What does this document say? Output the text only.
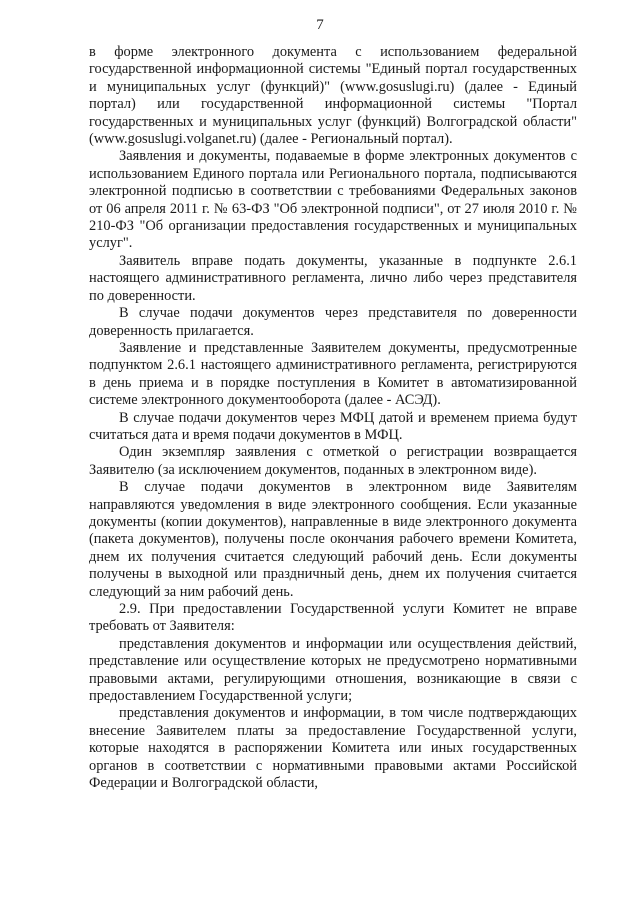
7

в форме электронного документа с использованием федеральной государственной информационной системы "Единый портал государственных и муниципальных услуг (функций)" (www.gosuslugi.ru) (далее - Единый портал) или государственной информационной системы "Портал государственных и муниципальных услуг (функций) Волгоградской области" (www.gosuslugi.volganet.ru) (далее - Региональный портал).

Заявления и документы, подаваемые в форме электронных документов с использованием Единого портала или Регионального портала, подписываются электронной подписью в соответствии с требованиями Федеральных законов от 06 апреля 2011 г. № 63-ФЗ "Об электронной подписи", от 27 июля 2010 г. № 210-ФЗ "Об организации предоставления государственных и муниципальных услуг".

Заявитель вправе подать документы, указанные в подпункте 2.6.1 настоящего административного регламента, лично либо через представителя по доверенности.

В случае подачи документов через представителя по доверенности доверенность прилагается.

Заявление и представленные Заявителем документы, предусмотренные подпунктом 2.6.1 настоящего административного регламента, регистрируются в день приема и в порядке поступления в Комитет в автоматизированной системе электронного документооборота (далее - АСЭД).

В случае подачи документов через МФЦ датой и временем приема будут считаться дата и время подачи документов в МФЦ.

Один экземпляр заявления с отметкой о регистрации возвращается Заявителю (за исключением документов, поданных в электронном виде).

В случае подачи документов в электронном виде Заявителям направляются уведомления в виде электронного сообщения. Если указанные документы (копии документов), направленные в виде электронного документа (пакета документов), получены после окончания рабочего времени Комитета, днем их получения считается следующий рабочий день. Если документы получены в выходной или праздничный день, днем их получения считается следующий за ним рабочий день.

2.9. При предоставлении Государственной услуги Комитет не вправе требовать от Заявителя:

представления документов и информации или осуществления действий, представление или осуществление которых не предусмотрено нормативными правовыми актами, регулирующими отношения, возникающие в связи с предоставлением Государственной услуги;

представления документов и информации, в том числе подтверждающих внесение Заявителем платы за предоставление Государственной услуги, которые находятся в распоряжении Комитета или иных государственных органов в соответствии с нормативными правовыми актами Российской Федерации и Волгоградской области,
